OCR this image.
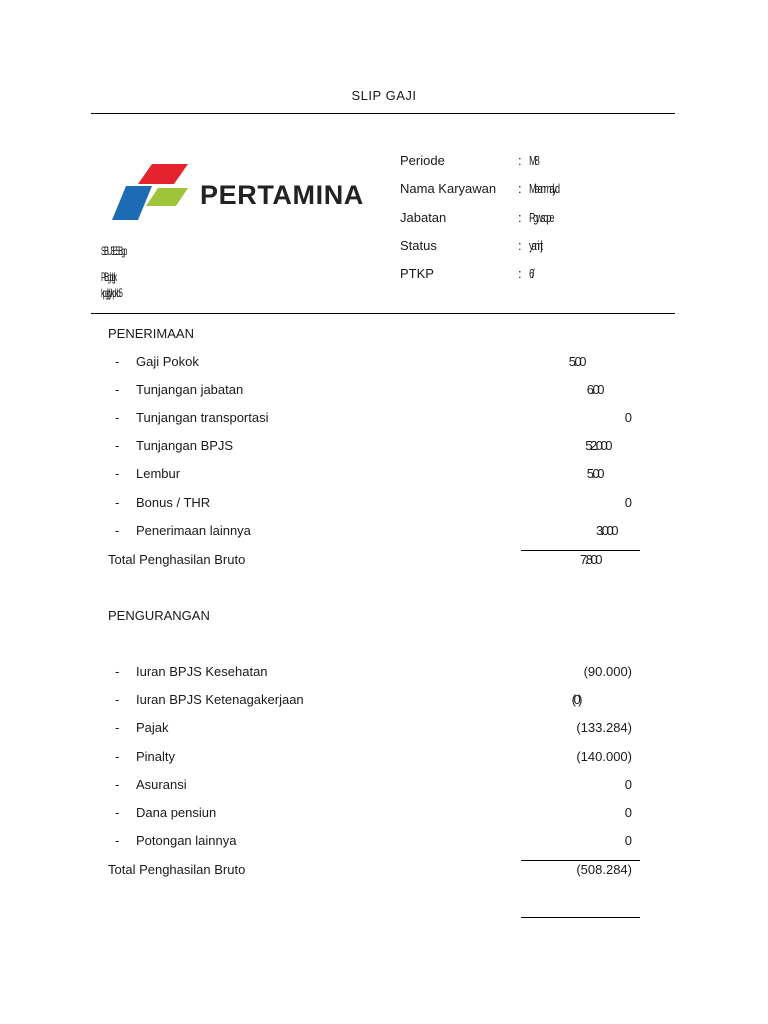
SLIP GAJI
PERTAMINA
SBU 3E5 Bgp
Pt Bgblgjk
kpgjlglykpk b5
Periode	: M8
Nama Karyawan : Mlaanmalyd
Jabatan	: Pgwsqpe
Status	: yaninjit
PTKP	: 6/
PENERIMAAN
- Gaji Pokok	5.00
- Tunjangan jabatan	6.00
- Tunjangan transportasi	0
- Tunjangan BPJS	52.000
- Lembur	5.00
- Bonus / THR	0
- Penerimaan lainnya	3.000
Total Penghasilan Bruto	7.800
PENGURANGAN
- Iuran BPJS Kesehatan	(90.000)
- Iuran BPJS Ketenagakerjaan	(0)
- Pajak	(133.284)
- Pinalty	(140.000)
- Asuransi	0
- Dana pensiun	0
- Potongan lainnya	0
Total Penghasilan Bruto	(508.284)
